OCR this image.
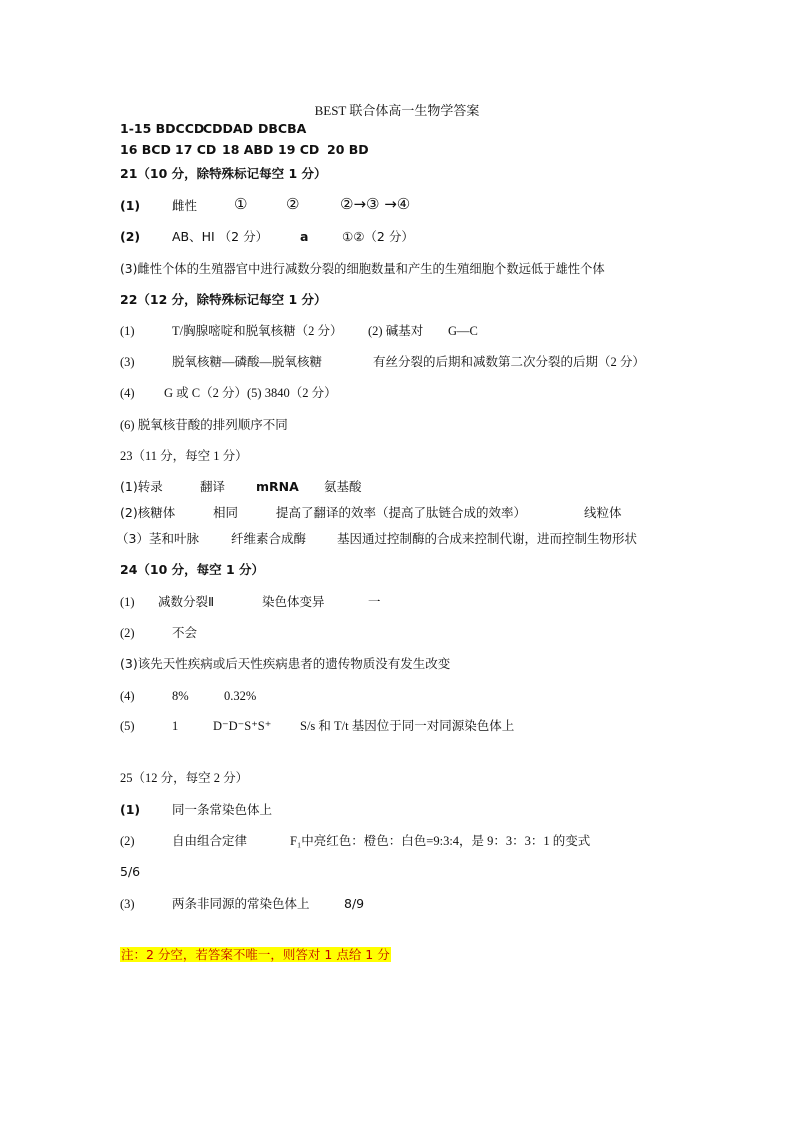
BEST 联合体高一生物学答案
1-15 BDCCD
CDDAD DBCBA
16 BCD 17 CD 18 ABD 19 CD 20 BD
21（10 分，除特殊标记每空 1 分）
(1)	雌性 ①	②	②→③ →④
(2)	AB、HI （2 分）	a	①②（2 分）
(3)雌性个体的生殖器官中进行减数分裂的细胞数量和产生的生殖细胞个数远低于雄性个体
22（12 分，除特殊标记每空 1 分）
(1)	T/胸腺嘧啶和脱氧核糖（2 分） (2) 碱基对 G—C
(3)	脱氧核糖—磷酸—脱氧核糖	有丝分裂的后期和减数第二次分裂的后期（2 分）
(4) G 或 C（2 分）(5) 3840（2 分）
(6) 脱氧核苷酸的排列顺序不同
23（11 分，每空 1 分）
(1)转录	翻译 mRNA 氨基酸
(2)核糖体	相同	提高了翻译的效率（提高了肽链合成的效率）	线粒体
（3）茎和叶脉	纤维素合成酶 基因通过控制酶的合成来控制代谢，进而控制生物形状
24（10 分，每空 1 分）
(1) 减数分裂Ⅱ	染色体变异	一
(2)	不会
(3)该先天性疾病或后天性疾病患者的遗传物质没有发生改变
(4)	8%	0.32%
(5)	1	D⁻D⁻S⁺S⁺ S/s 和 T/t 基因位于同一对同源染色体上
25（12 分，每空 2 分）
(1)	同一条常染色体上
(2)	自由组合定律	F₁中亮红色：橙色：白色=9:3:4，是 9：3：3：1 的变式
5/6
(3)	两条非同源的常染色体上	8/9
注：2 分空，若答案不唯一，则答对 1 点给 1 分
